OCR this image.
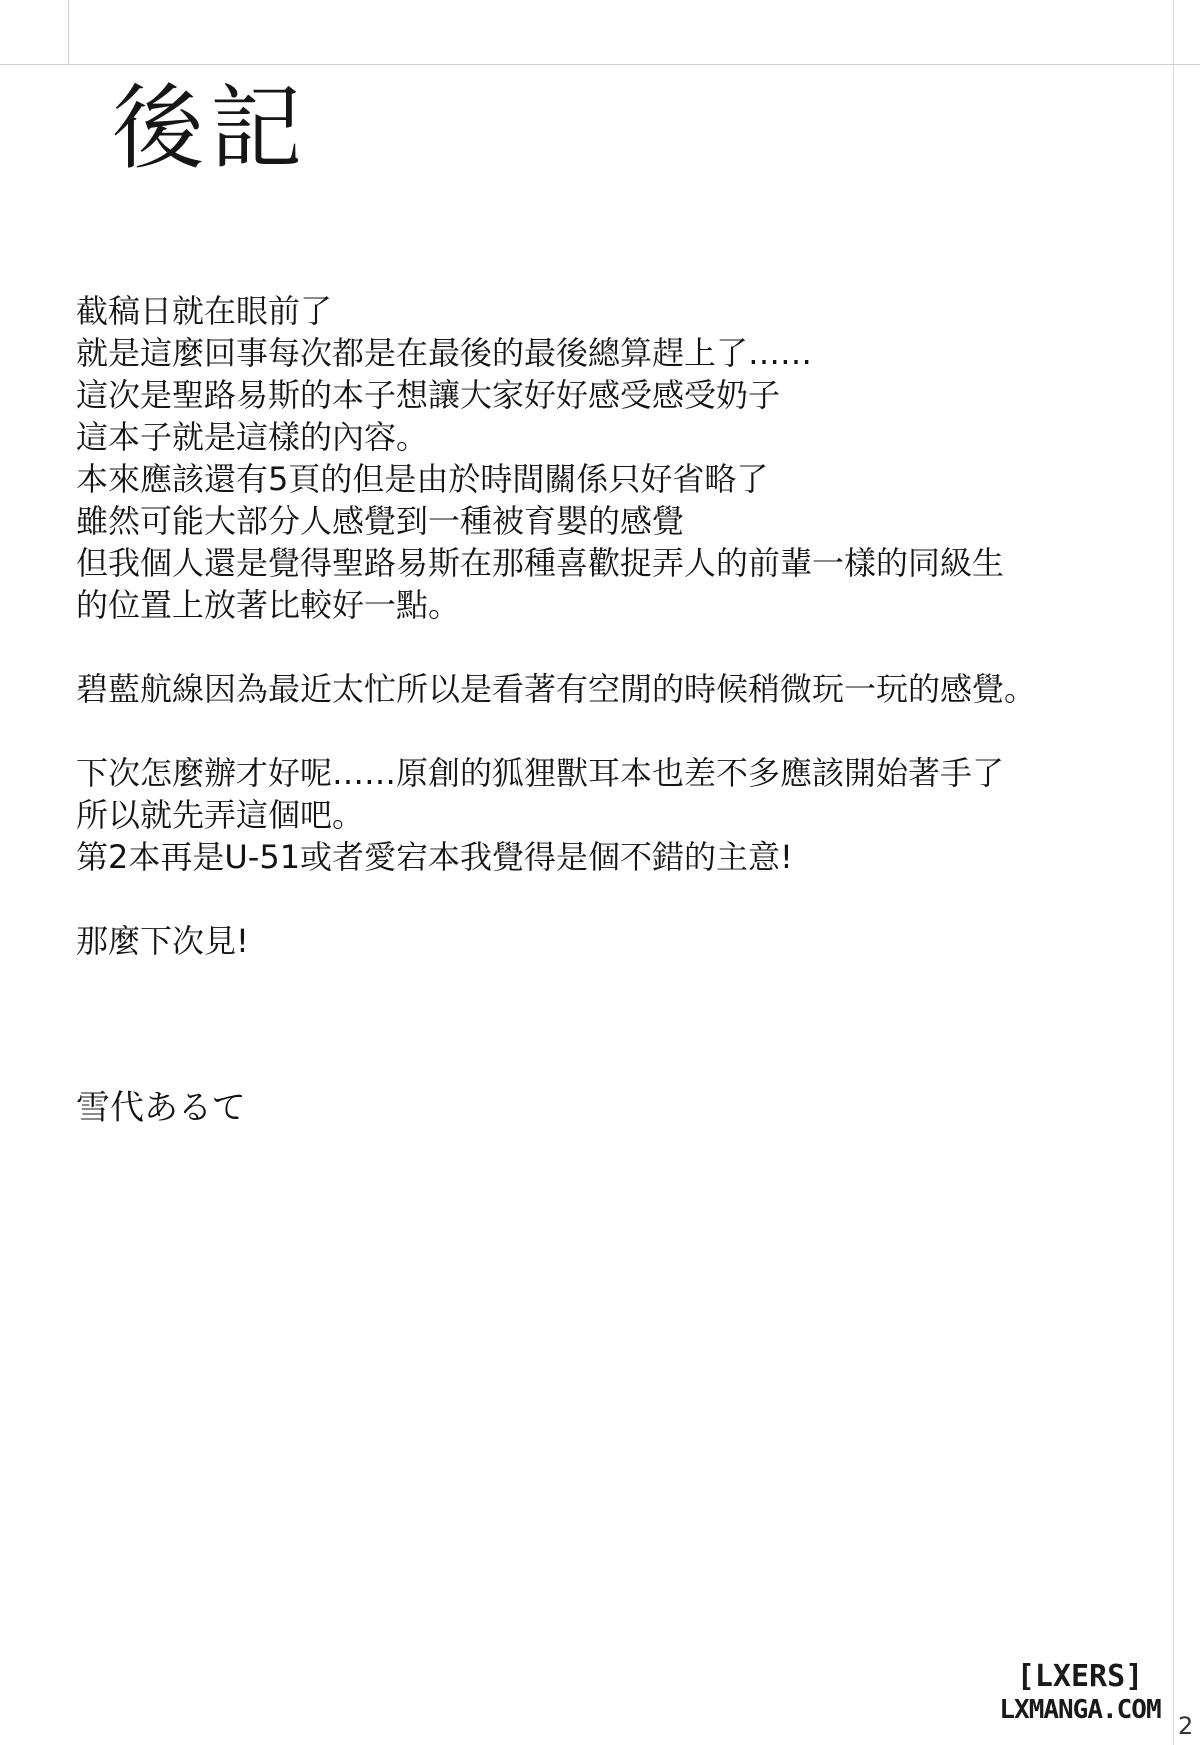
後記

截稿日就在眼前了

就是這麼回事每次都是在最後的最後總算趕上了……

這次是聖路易斯的本子想讓大家好好感受感受奶子

這本子就是這樣的內容。

本來應該還有5頁的但是由於時間關係只好省略了

雖然可能大部分人感覺到一種被育嬰的感覺

但我個人還是覺得聖路易斯在那種喜歡捉弄人的前輩一樣的同級生

的位置上放著比較好一點。

碧藍航線因為最近太忙所以是看著有空閒的時候稍微玩一玩的感覺。

下次怎麼辦才好呢……原創的狐狸獸耳本也差不多應該開始著手了

所以就先弄這個吧。

第2本再是U-51或者愛宕本我覺得是個不錯的主意!

那麼下次見!

雪代あるて

[LXERS]
LXMANGA.COM
2
